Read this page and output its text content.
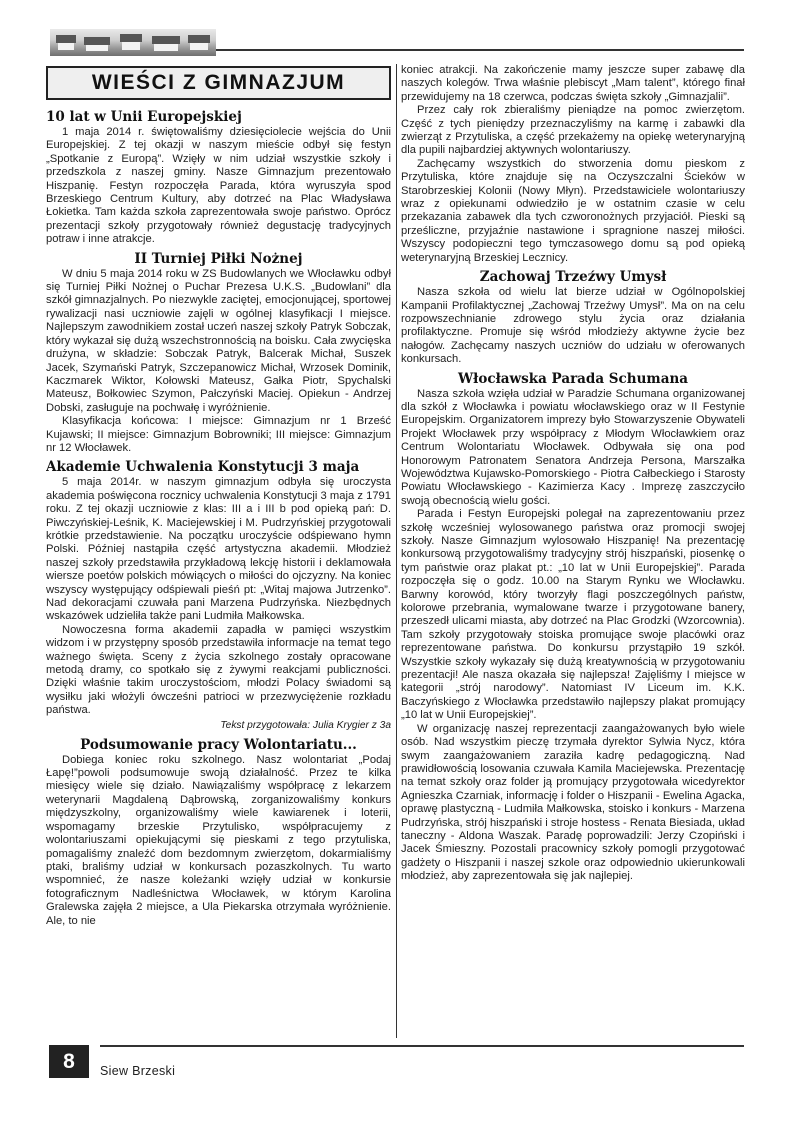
WIEŚCI Z GIMNAZJUM
10 lat w Unii Europejskiej

1 maja 2014 r. świętowaliśmy dziesięciolecie wejścia do Unii Europejskiej. Z tej okazji w naszym mieście odbył się festyn „Spotkanie z Europą”. Wzięły w nim udział wszystkie szkoły i przedszkola z naszej gminy. Nasze Gimnazjum prezentowało Hiszpanię. Festyn rozpoczęła Parada, która wyruszyła spod Brzeskiego Centrum Kultury, aby dotrzeć na Plac Władysława Łokietka. Tam każda szkoła zaprezentowała swoje państwo. Oprócz prezentacji szkoły przygotowały również degustację tradycyjnych potraw i inne atrakcje.

II Turniej Piłki Nożnej

W dniu 5 maja 2014 roku w ZS Budowlanych we Włocławku odbył się Turniej Piłki Nożnej o Puchar Prezesa U.K.S. „Budowlani” dla szkół gimnazjalnych. Po niezwykle zaciętej, emocjonującej, sportowej rywalizacji nasi uczniowie zajęli w ogólnej klasyfikacji I miejsce. Najlepszym zawodnikiem został uczeń naszej szkoły Patryk Sobczak, który wykazał się dużą wszechstronnością na boisku. Cała zwycięska drużyna, w składzie: Sobczak Patryk, Balcerak Michał, Suszek Jacek, Szymański Patryk, Szczepanowicz Michał, Wrzosek Dominik, Kaczmarek Wiktor, Kołowski Mateusz, Gałka Piotr, Spychalski Mateusz, Bołkowiec Szymon, Pałczyński Maciej. Opiekun - Andrzej Dobski, zasługuje na pochwałę i wyróżnienie.

Klasyfikacja końcowa: I miejsce: Gimnazjum nr 1 Brześć Kujawski; II miejsce: Gimnazjum Bobrowniki; III miejsce: Gimnazjum nr 12 Włocławek.

Akademie Uchwalenia Konstytucji 3 maja

5 maja 2014r. w naszym gimnazjum odbyła się uroczysta akademia poświęcona rocznicy uchwalenia Konstytucji 3 maja z 1791 roku. Z tej okazji uczniowie z klas: III a i III b pod opieką pań: D. Piwczyńskiej-Leśnik, K. Maciejewskiej i M. Pudrzyńskiej przygotowali krótkie przedstawienie. Na początku uroczyście odśpiewano hymn Polski. Później nastąpiła część artystyczna akademii. Młodzież naszej szkoły przedstawiła przykładową lekcję historii i deklamowała wiersze poetów polskich mówiących o miłości do ojczyzny. Na koniec wszyscy występujący odśpiewali pieśń pt: „Witaj majowa Jutrzenko”. Nad dekoracjami czuwała pani Marzena Pudrzyńska. Niezbędnych wskazówek udzieliła także pani Ludmiła Małkowska.

Nowoczesna forma akademii zapadła w pamięci wszystkim widzom i w przystępny sposób przedstawiła informacje na temat tego ważnego święta. Sceny z życia szkolnego zostały opracowane metodą dramy, co spotkało się z żywymi reakcjami publiczności. Dzięki właśnie takim uroczystościom, młodzi Polacy świadomi są wysiłku jaki włożyli ówcześni patrioci w przezwyciężenie rozkładu państwa.

Tekst przygotowała: Julia Krygier z 3a
Podsumowanie pracy Wolontariatu...

Dobiega koniec roku szkolnego. Nasz wolontariat „Podaj Łapę!”powoli podsumowuje swoją działalność. Przez te kilka miesięcy wiele się działo. Nawiązaliśmy współpracę z lekarzem weterynarii Magdaleną Dąbrowską, zorganizowaliśmy konkurs międzyszkolny, organizowaliśmy wiele kawiarenek i loterii, wspomagamy brzeskie Przytulisko, współpracujemy z wolontariuszami opiekującymi się pieskami z tego przytuliska, pomagaliśmy znaleźć dom bezdomnym zwierzętom, dokarmialiśmy ptaki, braliśmy udział w konkursach pozaszkolnych. Tu warto wspomnieć, że nasze koleżanki wzięły udział w konkursie fotograficznym Nadleśnictwa Włocławek, w którym Karolina Gralewska zajęła 2 miejsce, a Ula Piekarska otrzymała wyróżnienie. Ale, to nie

koniec atrakcji. Na zakończenie mamy jeszcze super zabawę dla naszych kolegów. Trwa właśnie plebiscyt „Mam talent”, którego finał przewidujemy na 18 czerwca, podczas święta szkoły „Gimnazjalii”.

Przez cały rok zbieraliśmy pieniądze na pomoc zwierzętom. Część z tych pieniędzy przeznaczyliśmy na karmę i zabawki dla zwierząt z Przytuliska, a część przekażemy na opiekę weterynaryjną dla pupili najbardziej aktywnych wolontariuszy.

Zachęcamy wszystkich do stworzenia domu pieskom z Przytuliska, które znajduje się na Oczyszczalni Ścieków w Starobrzeskiej Kolonii (Nowy Młyn). Przedstawiciele wolontariuszy wraz z opiekunami odwiedziło je w ostatnim czasie w celu przekazania zabawek dla tych czworonożnych przyjaciół. Pieski są prześliczne, przyjaźnie nastawione i spragnione naszej miłości. Wszyscy podopieczni tego tymczasowego domu są pod opieką weterynaryjną Brzeskiej Lecznicy.

Zachowaj Trzeźwy Umysł

Nasza szkoła od wielu lat bierze udział w Ogólnopolskiej Kampanii Profilaktycznej „Zachowaj Trzeźwy Umysł”. Ma on na celu rozpowszechnianie zdrowego stylu życia oraz działania profilaktyczne. Promuje się wśród młodzieży aktywne życie bez nałogów. Zachęcamy naszych uczniów do udziału w oferowanych konkursach.

Włocławska Parada Schumana

Nasza szkoła wzięła udział w Paradzie Schumana organizowanej dla szkół z Włocławka i powiatu włocławskiego oraz w II Festynie Europejskim. Organizatorem imprezy było Stowarzyszenie Obywateli Projekt Włocławek przy współpracy z Młodym Włocławkiem oraz Centrum Wolontariatu Włocławek. Odbywała się ona pod Honorowym Patronatem Senatora Andrzeja Persona, Marszałka Województwa Kujawsko-Pomorskiego - Piotra Całbeckiego i Starosty Powiatu Włocławskiego - Kazimierza Kacy . Imprezę zaszczyciło swoją obecnością wielu gości.

Parada i Festyn Europejski polegał na zaprezentowaniu przez szkołę wcześniej wylosowanego państwa oraz promocji swojej szkoły. Nasze Gimnazjum wylosowało Hiszpanię! Na prezentację konkursową przygotowaliśmy tradycyjny strój hiszpański, piosenkę o tym państwie oraz plakat pt.: „10 lat w Unii Europejskiej”. Parada rozpoczęła się o godz. 10.00 na Starym Rynku we Włocławku. Barwny korowód, który tworzyły flagi poszczególnych państw, kolorowe przebrania, wymalowane twarze i przygotowane banery, przeszedł ulicami miasta, aby dotrzeć na Plac Grodzki (Wzorcownia). Tam szkoły przygotowały stoiska promujące swoje placówki oraz reprezentowane państwa. Do konkursu przystąpiło 19 szkół. Wszystkie szkoły wykazały się dużą kreatywnością w przygotowaniu prezentacji! Ale nasza okazała się najlepsza! Zajęliśmy I miejsce w kategorii „strój narodowy”. Natomiast IV Liceum im. K.K. Baczyńskiego z Włocławka przedstawiło najlepszy plakat promujący „10 lat w Unii Europejskiej”.

W organizację naszej reprezentacji zaangażowanych było wiele osób. Nad wszystkim pieczę trzymała dyrektor Sylwia Nycz, która swym zaangażowaniem zaraziła kadrę pedagogiczną. Nad prawidłowością losowania czuwała Kamila Maciejewska. Prezentację na temat szkoły oraz folder ją promujący przygotowała wicedyrektor Agnieszka Czarniak, informację i folder o Hiszpanii - Ewelina Agacka, oprawę plastyczną - Ludmiła Małkowska, stoisko i konkurs - Marzena Pudrzyńska, strój hiszpański i stroje hostess - Renata Biesiada, układ taneczny - Aldona Waszak. Paradę poprowadzili: Jerzy Czopiński i Jacek Śmieszny. Pozostali pracownicy szkoły pomogli przygotować gadżety o Hiszpanii i naszej szkole oraz odpowiednio ukierunkowali młodzież, aby zaprezentowała się jak najlepiej.

8	Siew Brzeski
